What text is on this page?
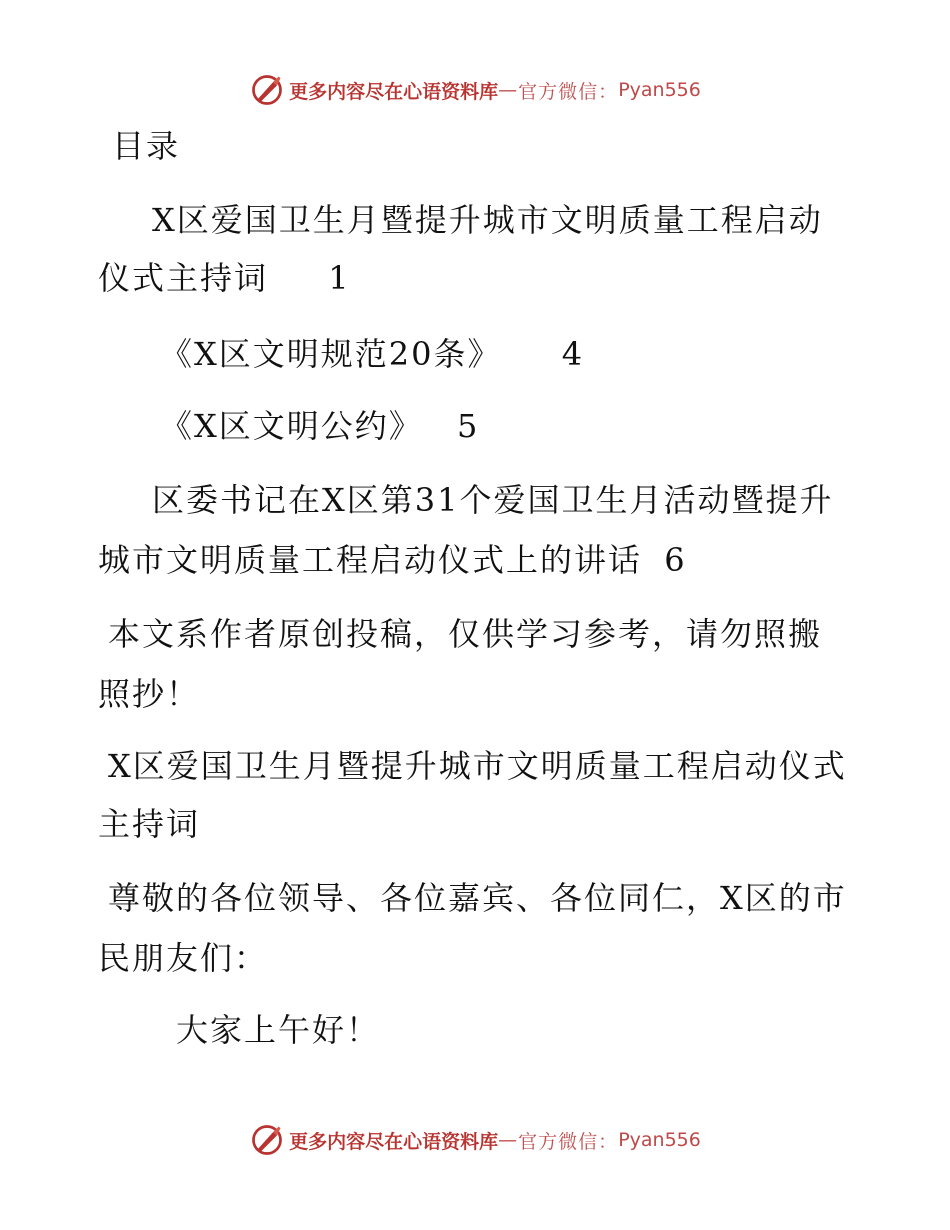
更多内容尽在心语资料库 — 官方微信： Pyan556
目录
X区爱国卫生月暨提升城市文明质量工程启动
仪式主持词 1
《X区文明规范20条》 4
《X区文明公约》 5
区委书记在X区第31个爱国卫生月活动暨提升
城市文明质量工程启动仪式上的讲话 6
本文系作者原创投稿，仅供学习参考，请勿照搬
照抄！
X区爱国卫生月暨提升城市文明质量工程启动仪式
主持词
尊敬的各位领导、各位嘉宾、各位同仁，X区的市
民朋友们：
大家上午好！
更多内容尽在心语资料库 — 官方微信： Pyan556
